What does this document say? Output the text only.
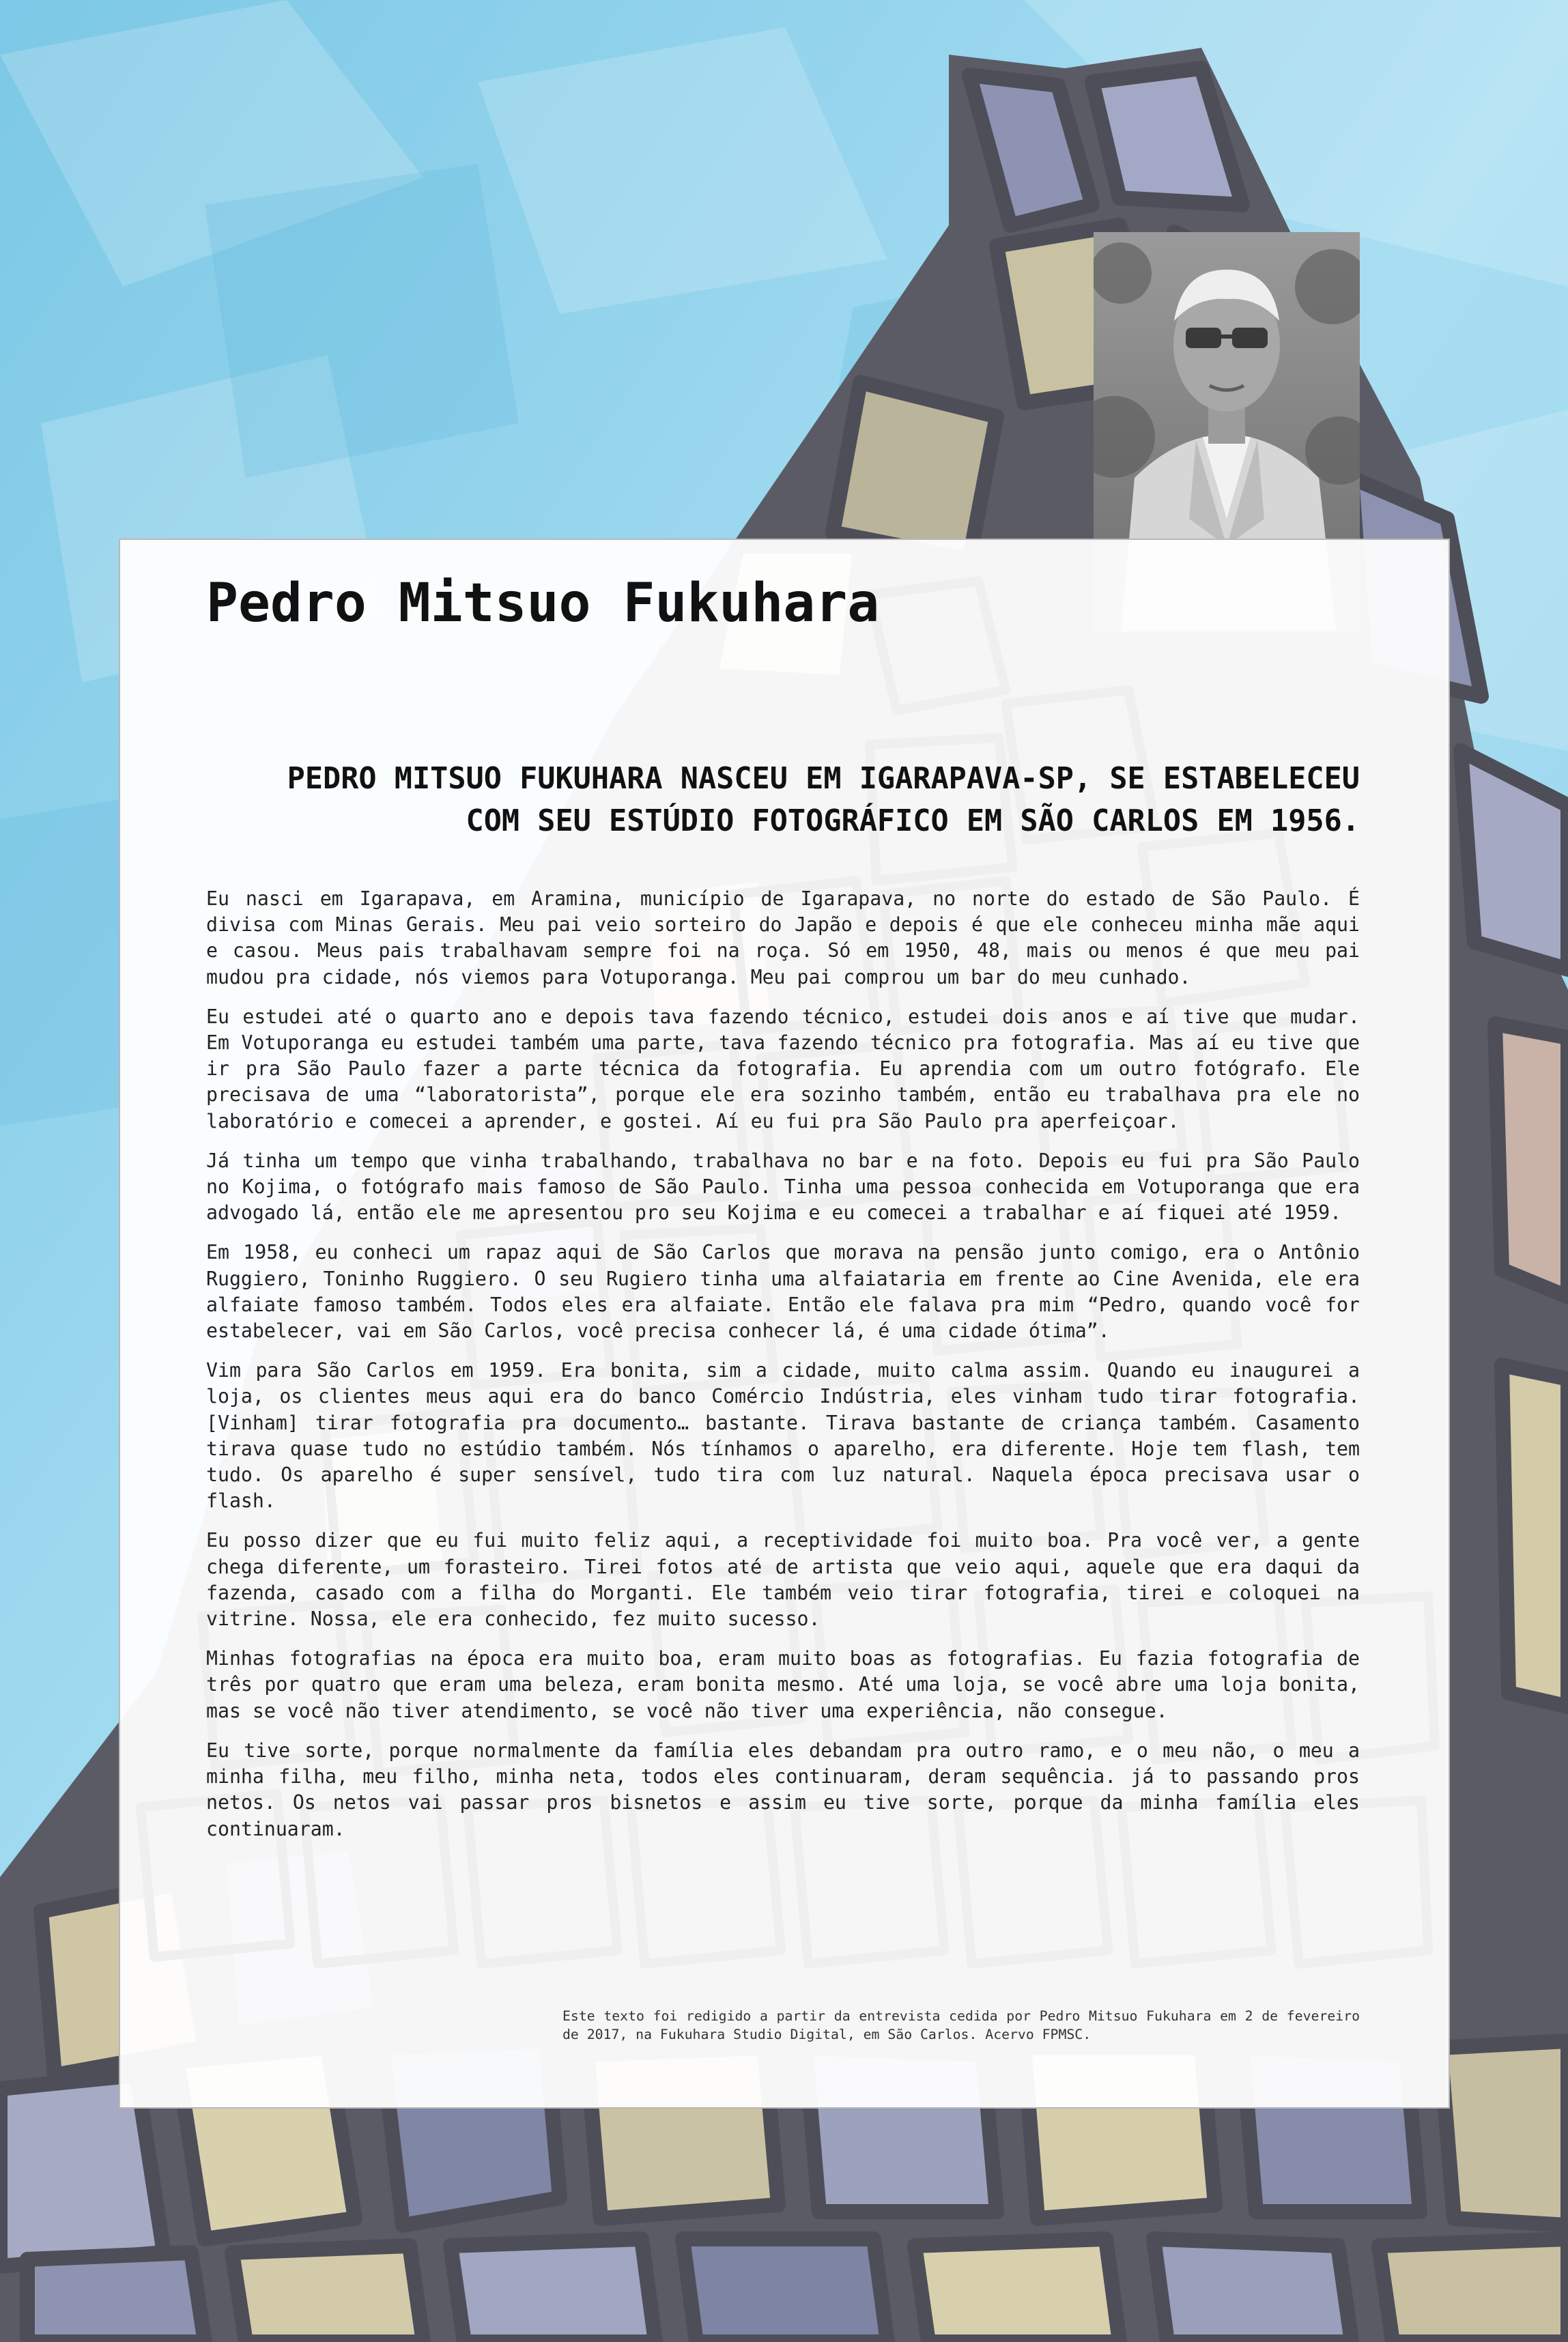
Pedro Mitsuo Fukuhara
PEDRO MITSUO FUKUHARA NASCEU EM IGARAPAVA-SP, SE ESTABELECEU COM SEU ESTÚDIO FOTOGRÁFICO EM SÃO CARLOS EM 1956.

Eu nasci em Igarapava, em Aramina, município de Igarapava, no norte do estado de São Paulo. É divisa com Minas Gerais. Meu pai veio sorteiro do Japão e depois é que ele conheceu minha mãe aqui e casou. Meus pais trabalhavam sempre foi na roça. Só em 1950, 48, mais ou menos é que meu pai mudou pra cidade, nós viemos para Votuporanga. Meu pai comprou um bar do meu cunhado.

Eu estudei até o quarto ano e depois tava fazendo técnico, estudei dois anos e aí tive que mudar. Em Votuporanga eu estudei também uma parte, tava fazendo técnico pra fotografia. Mas aí eu tive que ir pra São Paulo fazer a parte técnica da fotografia. Eu aprendia com um outro fotógrafo. Ele precisava de uma “laboratorista”, porque ele era sozinho também, então eu trabalhava pra ele no laboratório e comecei a aprender, e gostei. Aí eu fui pra São Paulo pra aperfeiçoar.

Já tinha um tempo que vinha trabalhando, trabalhava no bar e na foto. Depois eu fui pra São Paulo no Kojima, o fotógrafo mais famoso de São Paulo. Tinha uma pessoa conhecida em Votuporanga que era advogado lá, então ele me apresentou pro seu Kojima e eu comecei a trabalhar e aí fiquei até 1959.

Em 1958, eu conheci um rapaz aqui de São Carlos que morava na pensão junto comigo, era o Antônio Ruggiero, Toninho Ruggiero. O seu Rugiero tinha uma alfaiataria em frente ao Cine Avenida, ele era alfaiate famoso também. Todos eles era alfaiate. Então ele falava pra mim “Pedro, quando você for estabelecer, vai em São Carlos, você precisa conhecer lá, é uma cidade ótima”.

Vim para São Carlos em 1959. Era bonita, sim a cidade, muito calma assim. Quando eu inaugurei a loja, os clientes meus aqui era do banco Comércio Indústria, eles vinham tudo tirar fotografia. [Vinham] tirar fotografia pra documento… bastante. Tirava bastante de criança também. Casamento tirava quase tudo no estúdio também. Nós tínhamos o aparelho, era diferente. Hoje tem flash, tem tudo. Os aparelho é super sensível, tudo tira com luz natural. Naquela época precisava usar o flash.

Eu posso dizer que eu fui muito feliz aqui, a receptividade foi muito boa. Pra você ver, a gente chega diferente, um forasteiro. Tirei fotos até de artista que veio aqui, aquele que era daqui da fazenda, casado com a filha do Morganti. Ele também veio tirar fotografia, tirei e coloquei na vitrine. Nossa, ele era conhecido, fez muito sucesso.

Minhas fotografias na época era muito boa, eram muito boas as fotografias. Eu fazia fotografia de três por quatro que eram uma beleza, eram bonita mesmo. Até uma loja, se você abre uma loja bonita, mas se você não tiver atendimento, se você não tiver uma experiência, não consegue.

Eu tive sorte, porque normalmente da família eles debandam pra outro ramo, e o meu não, o meu a minha filha, meu filho, minha neta, todos eles continuaram, deram sequência. já to passando pros netos. Os netos vai passar pros bisnetos e assim eu tive sorte, porque da minha família eles continuaram.

Este texto foi redigido a partir da entrevista cedida por Pedro Mitsuo Fukuhara em 2 de fevereiro de 2017, na Fukuhara Studio Digital, em São Carlos. Acervo FPMSC.
